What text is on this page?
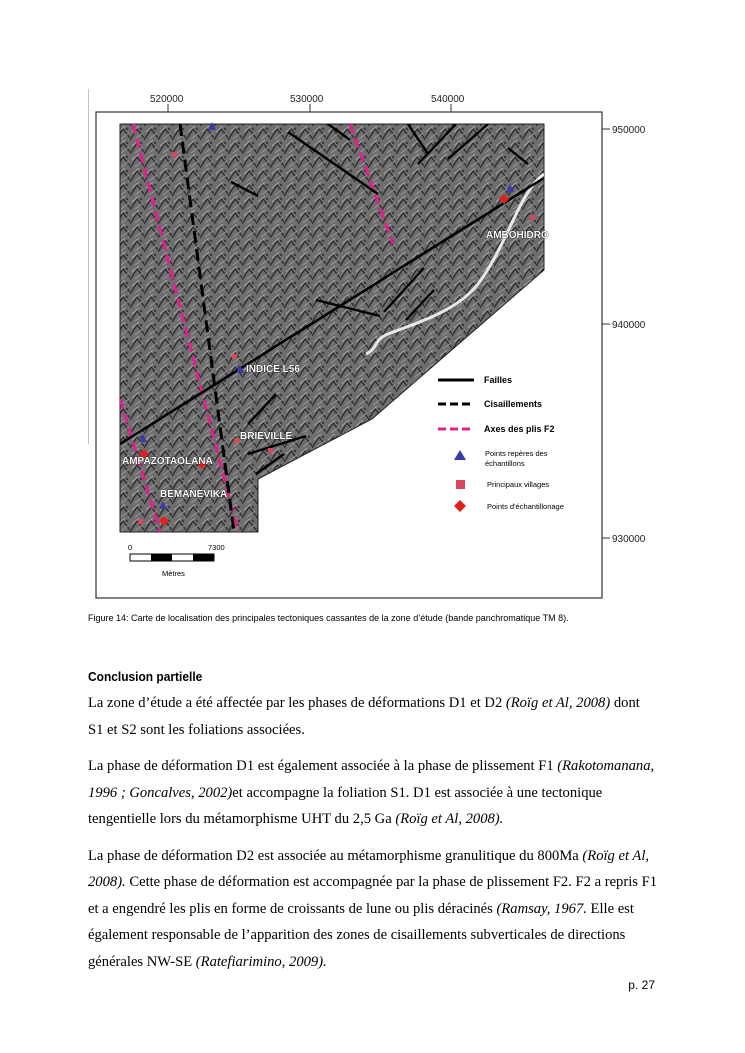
520000	530000	540000
950000
940000
930000
AMBOHIDRO
INDICE L56
BRIEVILLE
AMPAZOTAOLANA
BEMANEVIKA
Failles
Cisaillements
Axes des plis F2
Points repères des
échantillons
Principaux villages
Points d'échantillonage
0	7300
Mètres
Figure 14: Carte de localisation des principales tectoniques cassantes de la zone d’étude (bande panchromatique TM 8).
Conclusion partielle

La zone d’étude a été affectée par les phases de déformations D1 et D2 (Roïg et Al, 2008) dont S1 et S2 sont les foliations associées.

La phase de déformation D1 est également associée à la phase de plissement F1 (Rakotomanana, 1996 ; Goncalves, 2002)et accompagne la foliation S1. D1 est associée à une tectonique tengentielle lors du métamorphisme UHT du 2,5 Ga (Roïg et Al, 2008).

La phase de déformation D2 est associée au métamorphisme granulitique du 800Ma (Roïg et Al, 2008). Cette phase de déformation est accompagnée par la phase de plissement F2. F2 a repris F1 et a engendré les plis en forme de croissants de lune ou plis déracinés (Ramsay, 1967. Elle est également responsable de l’apparition des zones de cisaillements subverticales de directions générales NW-SE (Ratefiarimino, 2009).

p. 27
